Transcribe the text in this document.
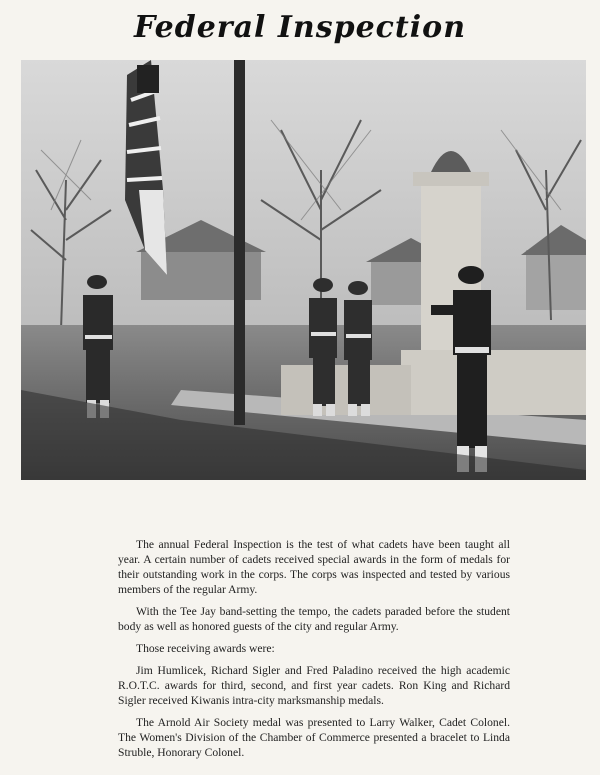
Federal Inspection

The annual Federal Inspection is the test of what cadets have been taught all year. A certain number of cadets received special awards in the form of medals for their outstanding work in the corps. The corps was inspected and tested by various members of the regular Army.

With the Tee Jay band-setting the tempo, the cadets paraded before the student body as well as honored guests of the city and regular Army.

Those receiving awards were:

Jim Humlicek, Richard Sigler and Fred Paladino received the high academic R.O.T.C. awards for third, second, and first year cadets. Ron King and Richard Sigler received Kiwanis intra-city marksmanship medals.

The Arnold Air Society medal was presented to Larry Walker, Cadet Colonel. The Women's Division of the Chamber of Commerce presented a bracelet to Linda Struble, Honorary Colonel.
